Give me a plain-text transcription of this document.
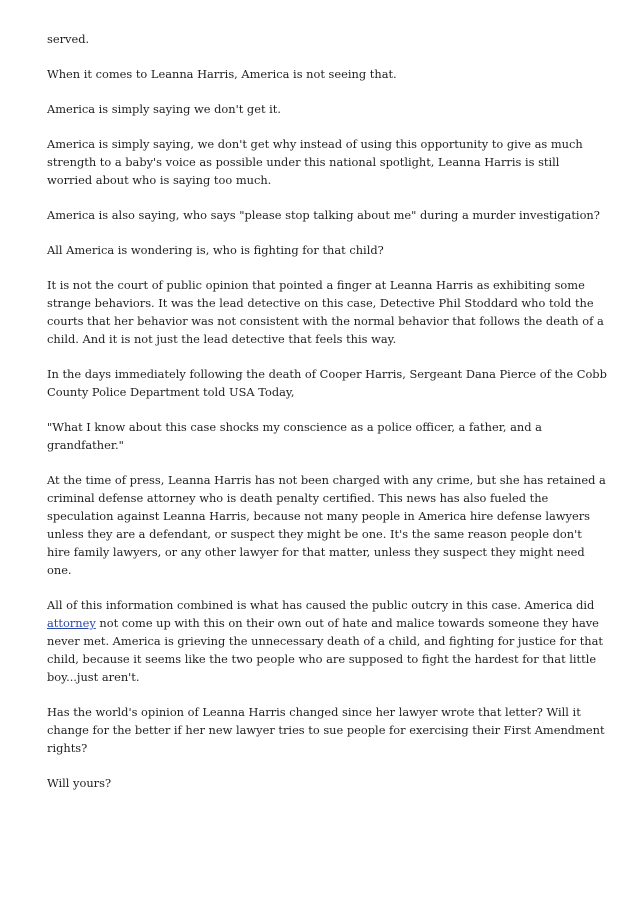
served.

When it comes to Leanna Harris, America is not seeing that.

America is simply saying we don't get it.

America is simply saying, we don't get why instead of using this opportunity to give as much strength to a baby's voice as possible under this national spotlight, Leanna Harris is still worried about who is saying too much.

America is also saying, who says "please stop talking about me" during a murder investigation?

All America is wondering is, who is fighting for that child?

It is not the court of public opinion that pointed a finger at Leanna Harris as exhibiting some strange behaviors. It was the lead detective on this case, Detective Phil Stoddard who told the courts that her behavior was not consistent with the normal behavior that follows the death of a child. And it is not just the lead detective that feels this way.

In the days immediately following the death of Cooper Harris, Sergeant Dana Pierce of the Cobb County Police Department told USA Today,

"What I know about this case shocks my conscience as a police officer, a father, and a grandfather."

At the time of press, Leanna Harris has not been charged with any crime, but she has retained a criminal defense attorney who is death penalty certified. This news has also fueled the speculation against Leanna Harris, because not many people in America hire defense lawyers unless they are a defendant, or suspect they might be one. It's the same reason people don't hire family lawyers, or any other lawyer for that matter, unless they suspect they might need one.

All of this information combined is what has caused the public outcry in this case. America did attorney not come up with this on their own out of hate and malice towards someone they have never met. America is grieving the unnecessary death of a child, and fighting for justice for that child, because it seems like the two people who are supposed to fight the hardest for that little boy...just aren't.

Has the world's opinion of Leanna Harris changed since her lawyer wrote that letter? Will it change for the better if her new lawyer tries to sue people for exercising their First Amendment rights?

Will yours?
